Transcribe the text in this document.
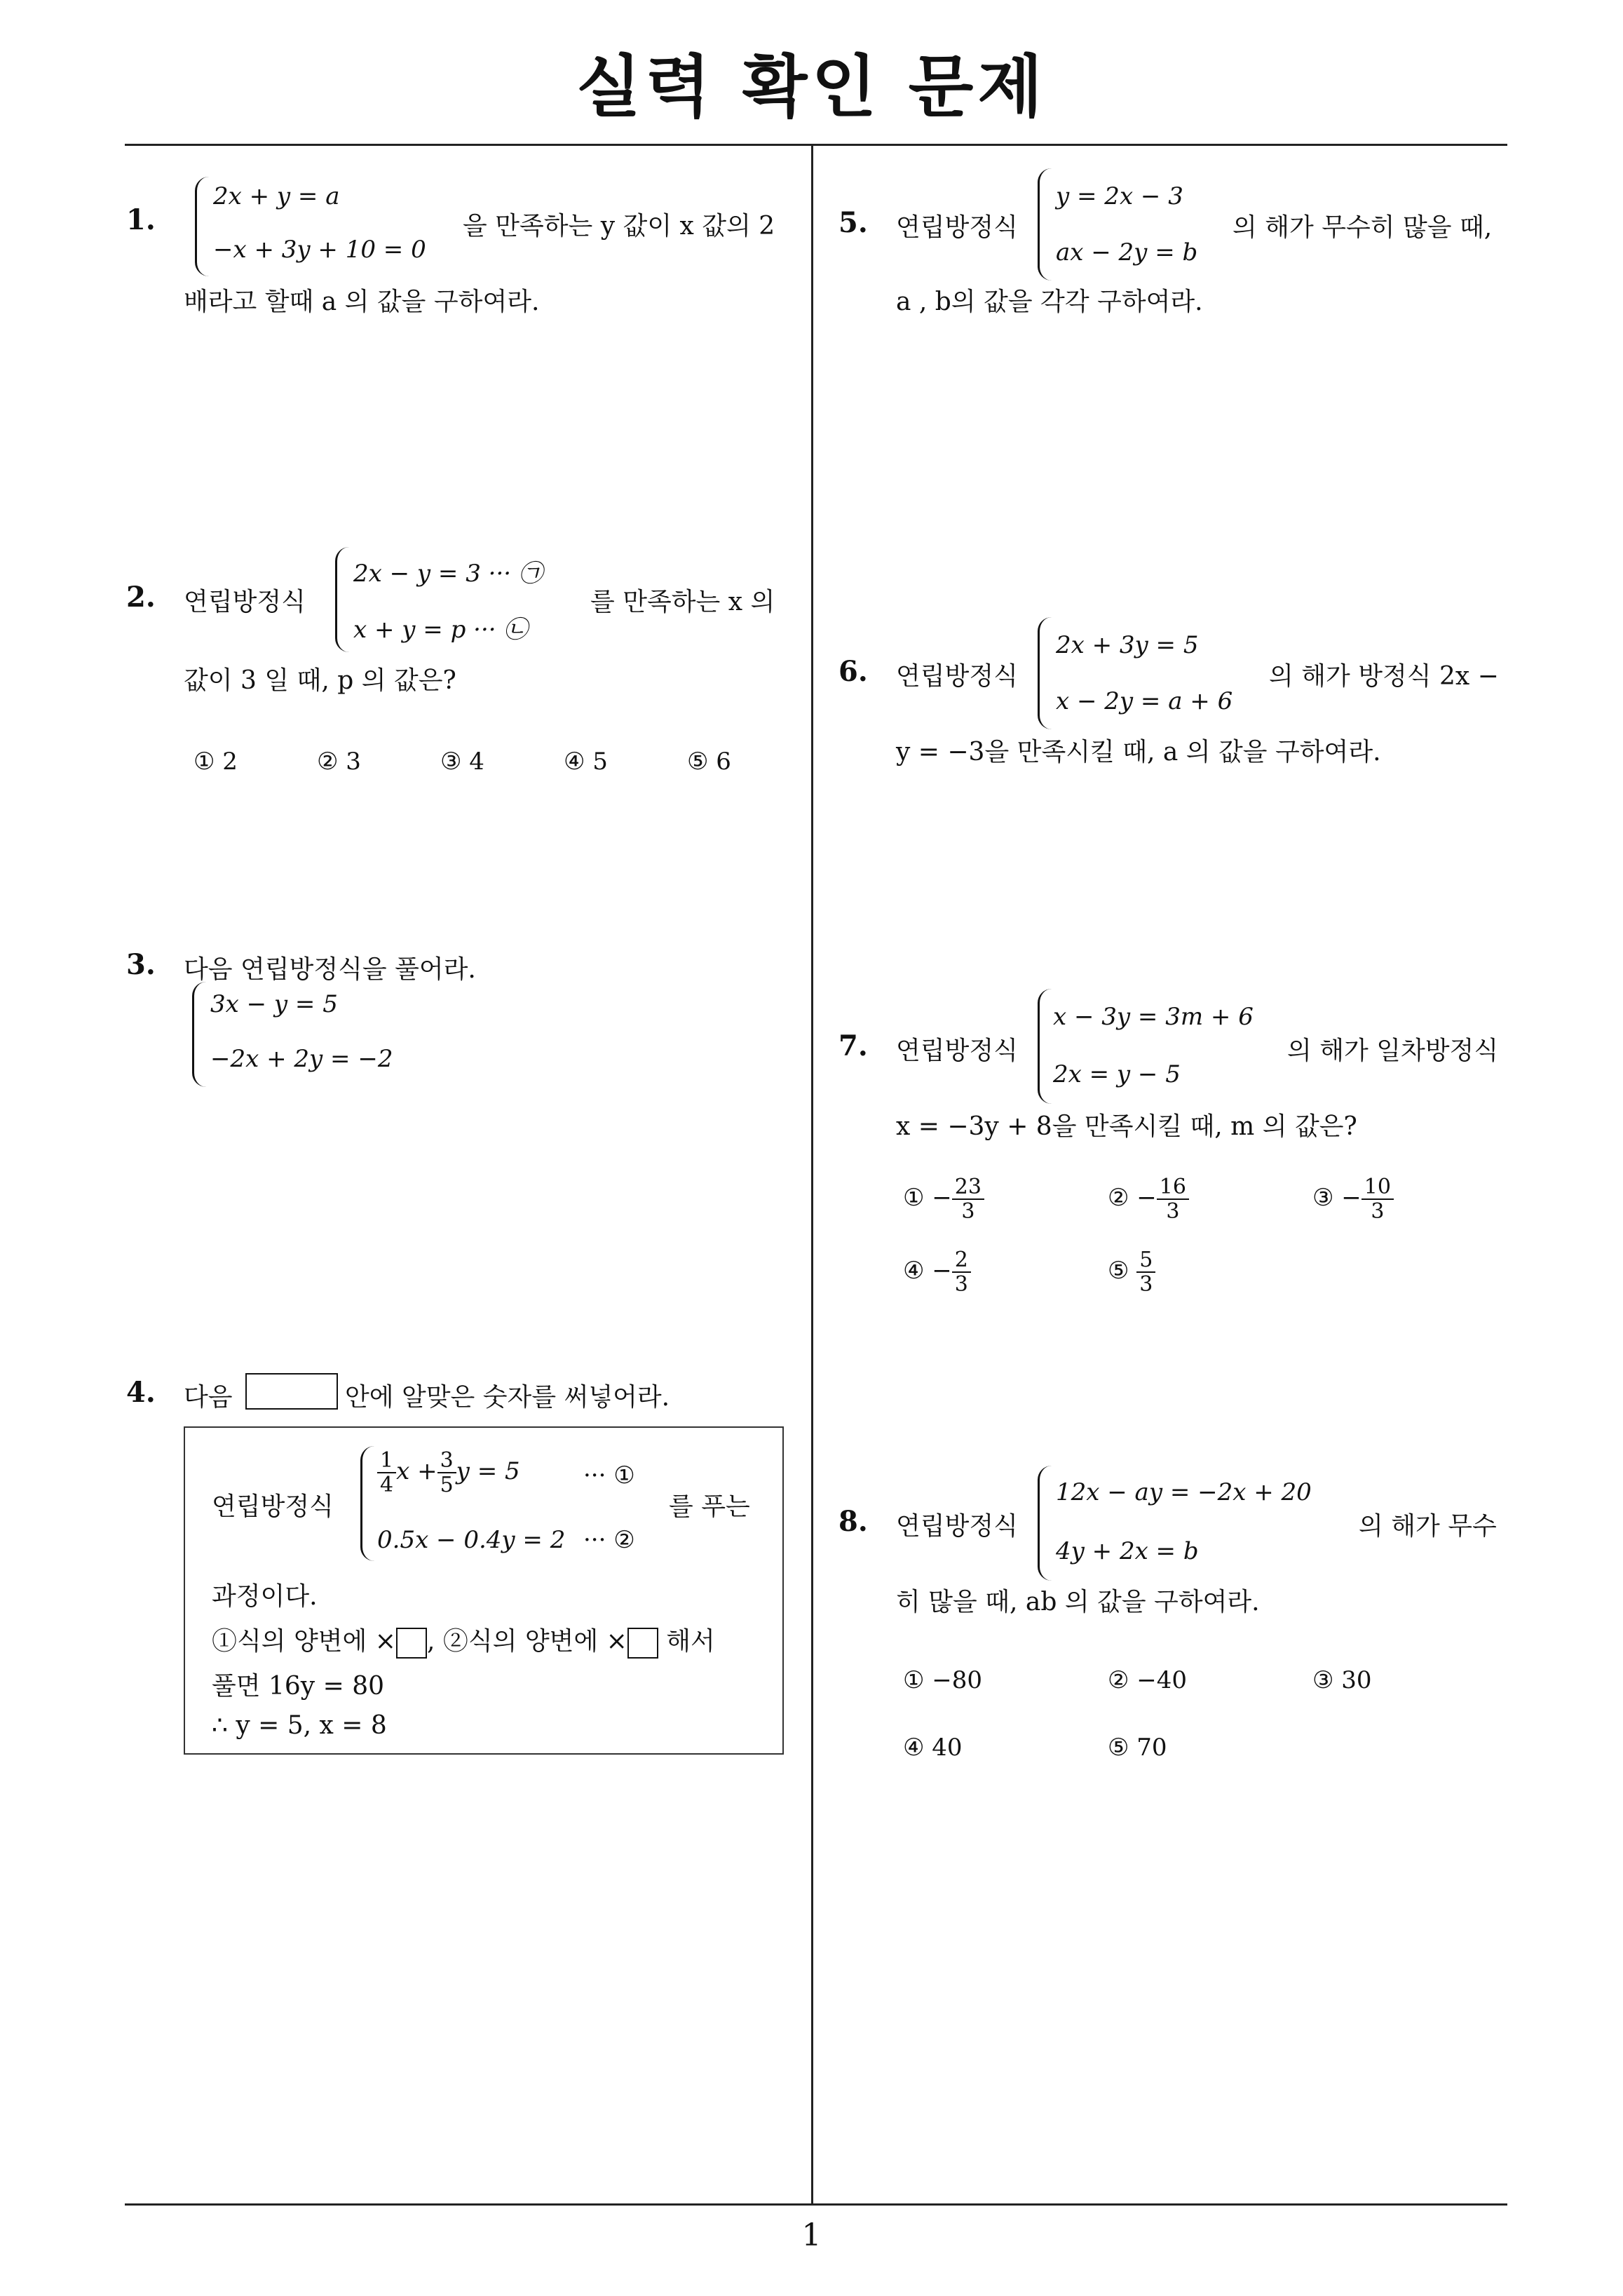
실력 확인 문제
1
1.
2x + y = a
−x + 3y + 10 = 0
을 만족하는 y 값이 x 값의 2
배라고 할때 a 의 값을 구하여라.
2. 연립방정식
2x − y = 3 ··· ㉠
x + y = p ··· ㉡
를 만족하는 x 의
값이 3 일 때, p 의 값은?
① 2	② 3	③ 4	④ 5	⑤ 6
3. 다음 연립방정식을 풀어라.
3x − y = 5
−2x + 2y = −2
4. 다음	안에 알맞은 숫자를 써넣어라.
연립방정식
$\frac{1}{4}$ $x + \frac{3}{5}$ y = 5	··· ①
0.5x − 0.4y = 2 ··· ②
를 푸는
과정이다.
①식의 양변에 × , ②식의 양변에 × 해서
풀면 16y = 80
∴ y = 5, x = 8
5. 연립방정식
y = 2x − 3
ax − 2y = b
의 해가 무수히 많을 때,
a , b의 값을 각각 구하여라.
6. 연립방정식
2x + 3y = 5
x − 2y = a + 6
의 해가 방정식 2x −
y = −3을 만족시킬 때, a 의 값을 구하여라.
7. 연립방정식
x − 3y = 3m + 6
2x = y − 5
의 해가 일차방정식
x = −3y + 8을 만족시킬 때, m 의 값은?
① − $\frac{23}{3}$	② − $\frac{16}{3}$	③ − $\frac{10}{3}$
④ − $\frac{2}{3}$	⑤ $\frac{5}{3}$
8. 연립방정식
12x − ay = −2x + 20
4y + 2x = b
의 해가 무수
히 많을 때, ab 의 값을 구하여라.
① −80	② −40	③ 30
④ 40	⑤ 70
